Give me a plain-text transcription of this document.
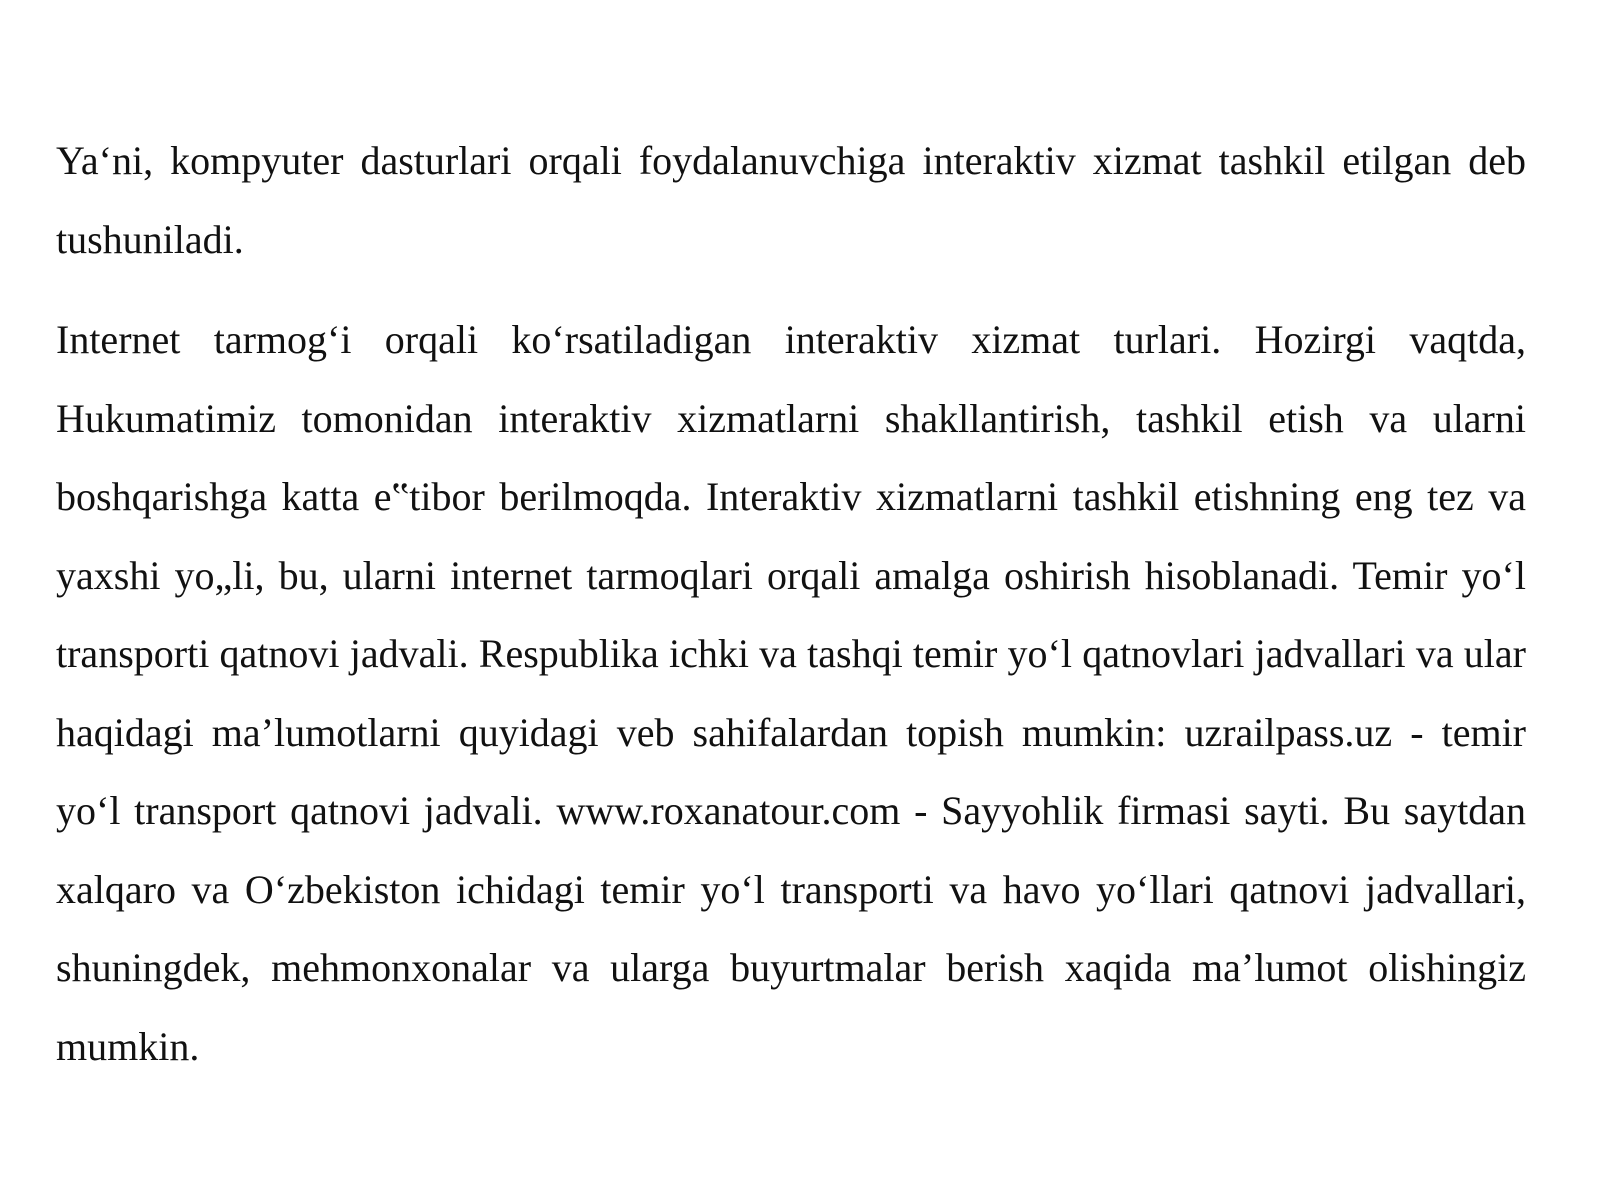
Ya‘ni, kompyuter dasturlari orqali foydalanuvchiga interaktiv xizmat tashkil etilgan deb tushuniladi.

Internet tarmog‘i orqali ko‘rsatiladigan interaktiv xizmat turlari. Hozirgi vaqtda, Hukumatimiz tomonidan interaktiv xizmatlarni shakllantirish, tashkil etish va ularni boshqarishga katta e‟tibor berilmoqda. Interaktiv xizmatlarni tashkil etishning eng tez va yaxshi yo„li, bu, ularni internet tarmoqlari orqali amalga oshirish hisoblanadi. Temir yo‘l transporti qatnovi jadvali. Respublika ichki va tashqi temir yo‘l qatnovlari jadvallari va ular haqidagi ma’lumotlarni quyidagi veb sahifalardan topish mumkin: uzrailpass.uz - temir yo‘l transport qatnovi jadvali. www.roxanatour.com - Sayyohlik firmasi sayti. Bu saytdan xalqaro va O‘zbekiston ichidagi temir yo‘l transporti va havo yo‘llari qatnovi jadvallari, shuningdek, mehmonxonalar va ularga buyurtmalar berish xaqida ma’lumot olishingiz mumkin.
